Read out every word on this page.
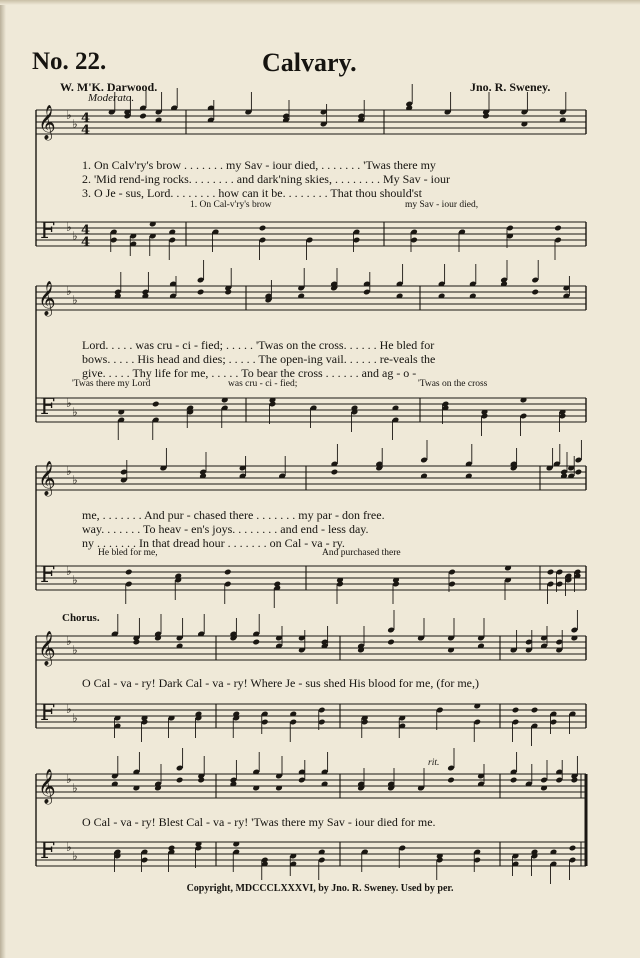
𝄞
F
♭
♭ 4
4
♭
♭ 4
4
𝄞
F
♭
♭
♭
♭
𝄞
F
♭
♭
♭
♭
𝄞
F
♭
♭
♭
♭
𝄞
F
♭
♭
♭
♭
No. 22.	Calvary.
W. M'K. Darwood.	Jno. R. Sweney.
Moderato.
1. On Calv'ry's brow . . . . . . . my Sav - iour died, . . . . . . . 'Twas there my
2. 'Mid rend-ing rocks. . . . . . . . and dark'ning skies, . . . . . . . . My Sav - iour
3. O Je - sus, Lord. . . . . . . . how can it be. . . . . . . . That thou should'st
1. On Cal-v'ry's brow	my Sav - iour died,
Lord. . . . . was cru - ci - fied; . . . . . 'Twas on the cross. . . . . . He bled for
bows. . . . . His head and dies; . . . . . The open-ing vail. . . . . . re-veals the
give. . . . . Thy life for me, . . . . . To bear the cross . . . . . . and ag - o -
'Twas there my Lord	was cru - ci - fied;	'Twas on the cross
me, . . . . . . . And pur - chased there . . . . . . . my par - don free.
way. . . . . . . To heav - en's joys. . . . . . . . and end - less day.
ny . . . . . . . In that dread hour . . . . . . . on Cal - va - ry.
He bled for me,	And purchased there
Chorus.
O Cal - va - ry! Dark Cal - va - ry! Where Je - sus shed His blood for me, (for me,)
rit.
O Cal - va - ry! Blest Cal - va - ry! 'Twas there my Sav - iour died for me.
Copyright, MDCCCLXXXVI, by Jno. R. Sweney. Used by per.
